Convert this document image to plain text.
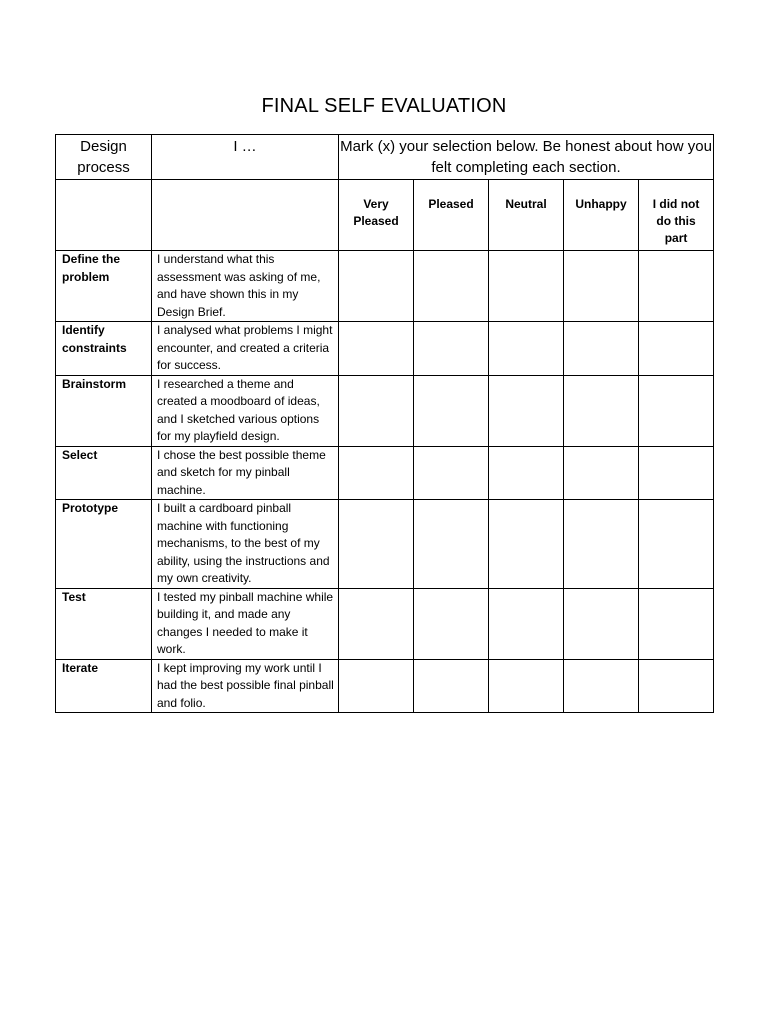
FINAL SELF EVALUATION
Design process	I …	Mark (x) your selection below. Be honest about how you felt completing each section.				
		Very Pleased	Pleased	Neutral	Unhappy	I did not do this part
Define the problem	I understand what this assessment was asking of me, and have shown this in my Design Brief.					
Identify constraints	I analysed what problems I might encounter, and created a criteria for success.					
Brainstorm	I researched a theme and created a moodboard of ideas, and I sketched various options for my playfield design.					
Select	I chose the best possible theme and sketch for my pinball machine.					
Prototype	I built a cardboard pinball machine with functioning mechanisms, to the best of my ability, using the instructions and my own creativity.					
Test	I tested my pinball machine while building it, and made any changes I needed to make it work.					
Iterate	I kept improving my work until I had the best possible final pinball and folio.					
